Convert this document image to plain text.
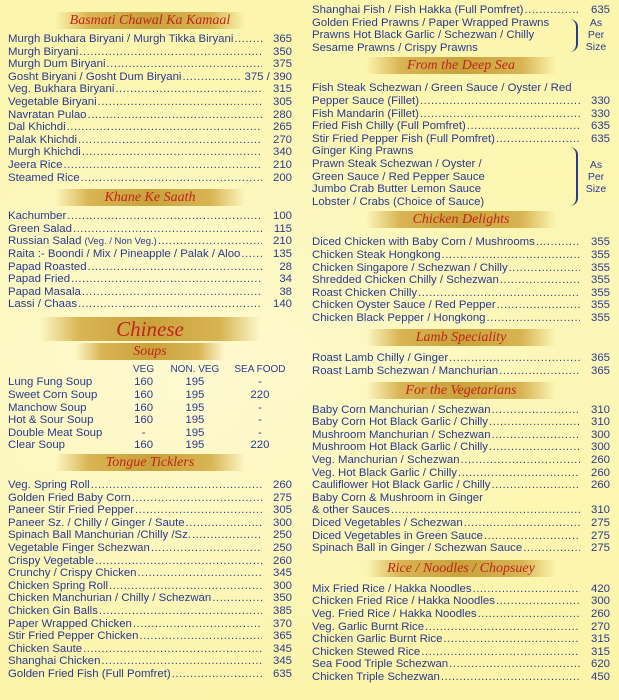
Basmati Chawal Ka Kamaal
Murgh Bukhara Biryani / Murgh Tikka Biryani .....	365
Murgh Biryani .....	350
Murgh Dum Biryani .....	375
Gosht Biryani / Gosht Dum Biryani .....	375 / 390
Veg. Bukhara Biryani .....	315
Vegetable Biryani .....	305
Navratan Pulao .....	280
Dal Khichdi .....	265
Palak Khichdi .....	270
Murgh Khichdi .....	340
Jeera Rice .....	210
Steamed Rice .....	200
Khane Ke Saath
Kachumber .....	100
Green Salad .....	115
Russian Salad (Veg. / Non Veg.) .....	210
Raita :- Boondi / Mix / Pineapple / Palak / Aloo .....	135
Papad Roasted .....	28
Papad Fried .....	34
Papad Masala .....	38
Lassi / Chaas .....	140
Chinese
Soups
VEG	NON. VEG	SEA FOOD
Lung Fung Soup	160	195	-
Sweet Corn Soup	160	195	220
Manchow Soup	160	195	-
Hot & Sour Soup	160	195	-
Double Meat Soup	-	195	-
Clear Soup	160	195	220
Tongue Ticklers
Veg. Spring Roll .....	260
Golden Fried Baby Corn .....	275
Paneer Stir Fried Pepper .....	305
Paneer Sz. / Chilly / Ginger / Saute .....	300
Spinach Ball Manchurian /Chilly /Sz. .....	250
Vegetable Finger Schezwan .....	250
Crispy Vegetable .....	260
Crunchy / Crispy Chicken .....	345
Chicken Spring Roll .....	300
Chicken Manchurian / Chilly / Schezwan .....	350
Chicken Gin Balls .....	385
Paper Wrapped Chicken .....	370
Stir Fried Pepper Chicken .....	365
Chicken Saute .....	345
Shanghai Chicken .....	345
Golden Fried Fish (Full Pomfret) .....	635
Shanghai Fish / Fish Hakka (Full Pomfret) .....	635
Golden Fried Prawns / Paper Wrapped Prawns
Prawns Hot Black Garlic / Schezwan / Chilly
Sesame Prawns / Crispy Prawns
As
Per
Size
From the Deep Sea
Fish Steak Schezwan / Green Sauce / Oyster / Red
Pepper Sauce (Fillet) .....	330
Fish Mandarin (Fillet) .....	330
Fried Fish Chilly (Full Pomfret) .....	635
Stir Fried Pepper Fish (Full Pomfret) .....	635
Ginger King Prawns
Prawn Steak Schezwan / Oyster /
Green Sauce / Red Pepper Sauce
Jumbo Crab Butter Lemon Sauce
Lobster / Crabs (Choice of Sauce)
As
Per
Size
Chicken Delights
Diced Chicken with Baby Corn / Mushrooms .....	355
Chicken Steak Hongkong .....	355
Chicken Singapore / Schezwan / Chilly .....	355
Shredded Chicken Chilly / Schezwan .....	355
Roast Chicken Chilly .....	355
Chicken Oyster Sauce / Red Pepper .....	355
Chicken Black Pepper / Hongkong .....	355
Lamb Speciality
Roast Lamb Chilly / Ginger .....	365
Roast Lamb Schezwan / Manchurian .....	365
For the Vegetarians
Baby Corn Manchurian / Schezwan .....	310
Baby Corn Hot Black Garlic / Chilly .....	310
Mushroom Manchurian / Schezwan .....	300
Mushroom Hot Black Garlic / Chilly .....	300
Veg. Manchurian / Schezwan .....	260
Veg. Hot Black Garlic / Chilly .....	260
Cauliflower Hot Black Garlic / Chilly .....	260
Baby Corn & Mushroom in Ginger
& other Sauces .....	310
Diced Vegetables / Schezwan .....	275
Diced Vegetables in Green Sauce .....	275
Spinach Ball in Ginger / Schezwan Sauce .....	275
Rice / Noodles / Chopsuey
Mix Fried Rice / Hakka Noodles .....	420
Chicken Fried Rice / Hakka Noodles .....	300
Veg. Fried Rice / Hakka Noodles .....	260
Veg. Garlic Burnt Rice .....	270
Chicken Garlic Burnt Rice .....	315
Chicken Stewed Rice .....	315
Sea Food Triple Schezwan .....	620
Chicken Triple Schezwan .....	450
